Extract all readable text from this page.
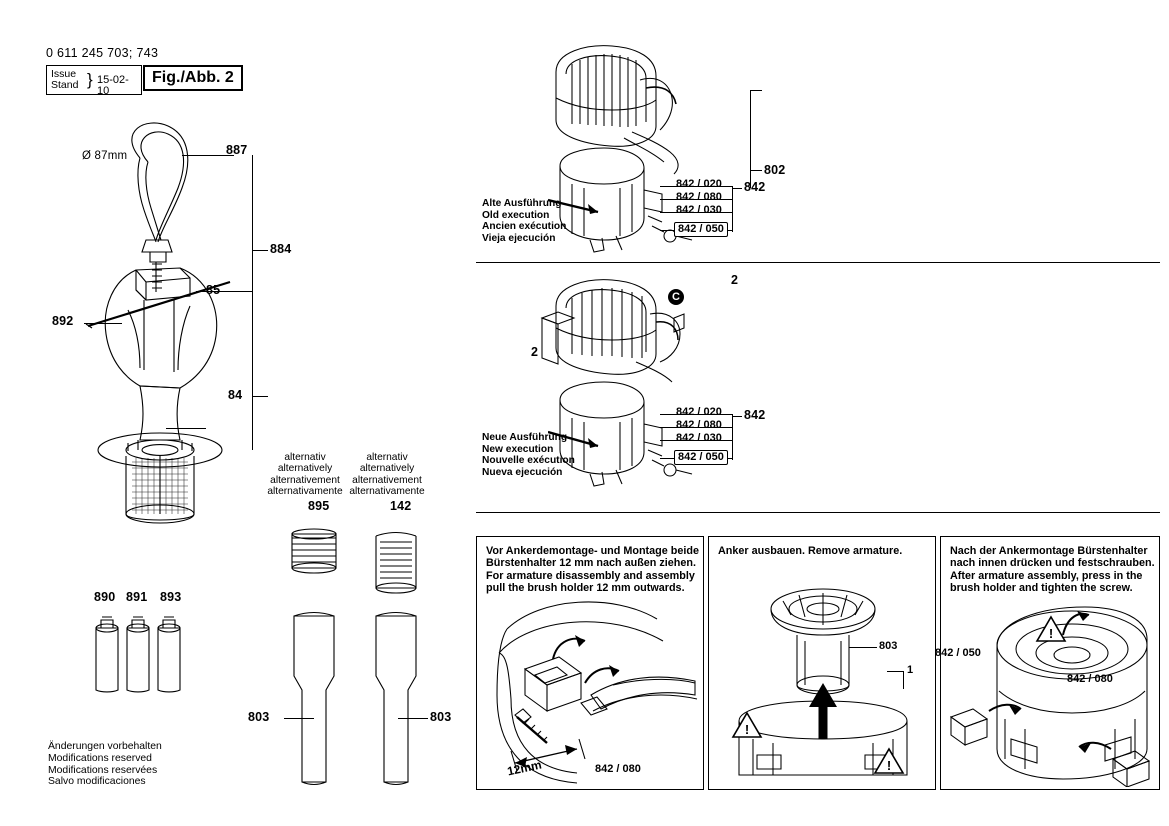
0 611 245 703; 743
Issue
Stand } 15-02-10
Fig./Abb. 2
Ø 87mm	887
884
85
892
84
890 891 893
Änderungen vorbehalten
Modifications reserved
Modifications reservées
Salvo modificaciones
alternativ
alternatively
alternativement
alternativamente
895
803
alternativ
alternatively
alternativement
alternativamente
142
803
802
842 / 020
842 / 080
842 / 030
842 / 050
842
Alte Ausführung
Old execution
Ancien exécution
Vieja ejecución
2
2
C
842 / 020
842 / 080
842 / 030
842 / 050
842
Neue Ausführung
New execution
Nouvelle exécution
Nueva ejecución
Vor Ankerdemontage- und Montage beide
Bürstenhalter 12 mm nach außen ziehen.
For armature disassembly and assembly
pull the brush holder 12 mm outwards.
12mm	842 / 080
Anker ausbauen. Remove armature.
!
!
803
1
Nach der Ankermontage Bürstenhalter
nach innen drücken und festschrauben.
After armature assembly, press in the
brush holder and tighten the screw.
!
842 / 050
842 / 080
